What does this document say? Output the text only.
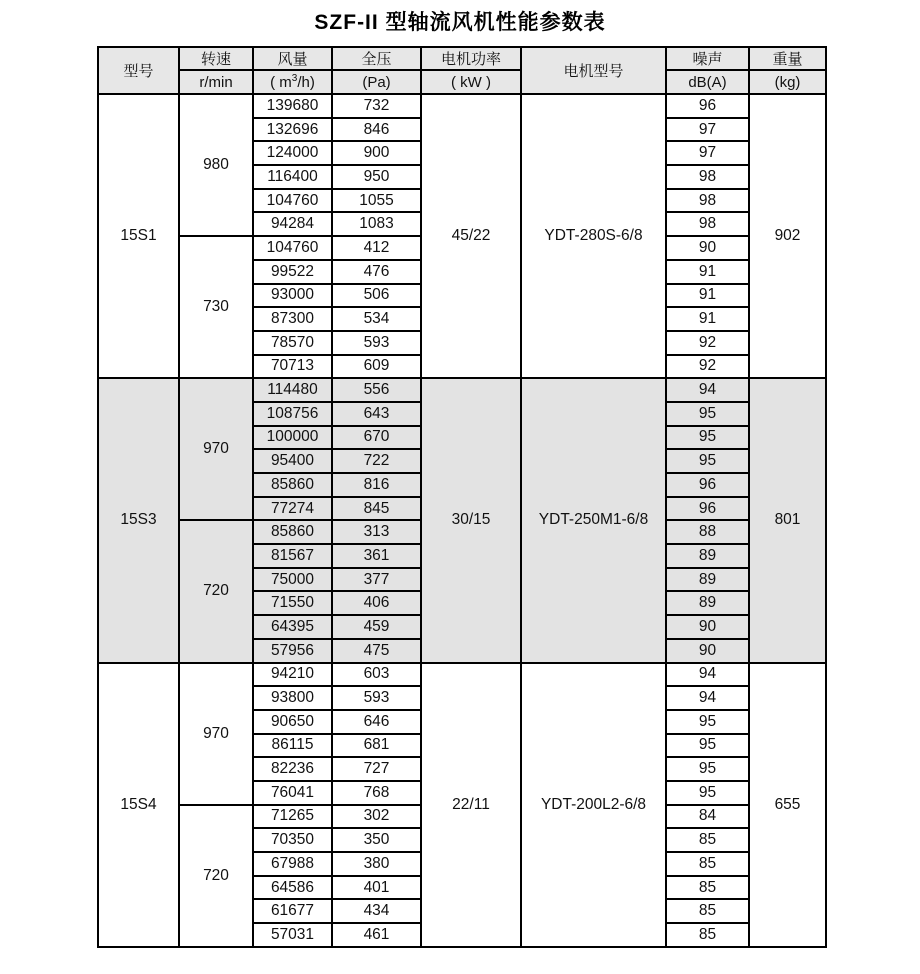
SZF-II 型轴流风机性能参数表
型号	转速	风量	全压	电机功率	电机型号	噪声	重量
	r/min	( $m^3/h$)	(Pa)	( kW )		dB(A)	(kg)
15S1	980	139680	732	45/22	YDT-280S-6/8	96	902
		132696	846			97	
		124000	900			97	
		116400	950			98	
		104760	1055			98	
		94284	1083			98	
	730	104760	412			90	
		99522	476			91	
		93000	506			91	
		87300	534			91	
		78570	593			92	
		70713	609			92	
15S3	970	114480	556	30/15	YDT-250M1-6/8	94	801
		108756	643			95	
		100000	670			95	
		95400	722			95	
		85860	816			96	
		77274	845			96	
	720	85860	313			88	
		81567	361			89	
		75000	377			89	
		71550	406			89	
		64395	459			90	
		57956	475			90	
15S4	970	94210	603	22/11	YDT-200L2-6/8	94	655
		93800	593			94	
		90650	646			95	
		86115	681			95	
		82236	727			95	
		76041	768			95	
	720	71265	302			84	
		70350	350			85	
		67988	380			85	
		64586	401			85	
		61677	434			85	
		57031	461			85	
